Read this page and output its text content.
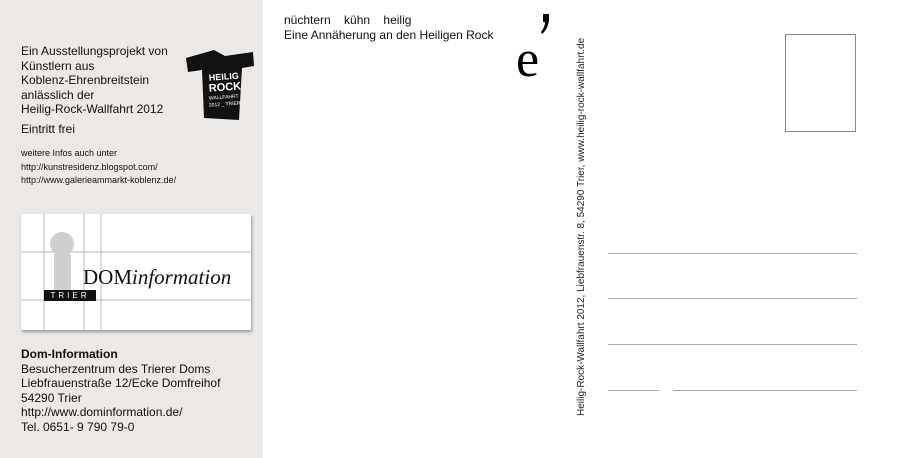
Ein Ausstellungsprojekt von
Künstlern aus
Koblenz-Ehrenbreitstein
anlässlich der
Heilig-Rock-Wallfahrt 2012
Eintritt frei
weitere Infos auch unter
http://kunstresidenz.blogspot.com/
http://www.galerieammarkt-koblenz.de/
HEILIG
ROCK
WALLFAHRT
2012 _ TRIER
DOMinformation
TRIER
Dom-Information
Besucherzentrum des Trierer Doms
Liebfrauenstraße 12/Ecke Domfreihof
54290 Trier
http://www.dominformation.de/
Tel. 0651- 9 790 79-0
nüchtern kühn heilig
Eine Annäherung an den Heiligen Rock e	Heilig-Rock-Wallfahrt 2012, Liebfrauenstr. 8, 54290 Trier, www.heilig-rock-wallfahrt.de
